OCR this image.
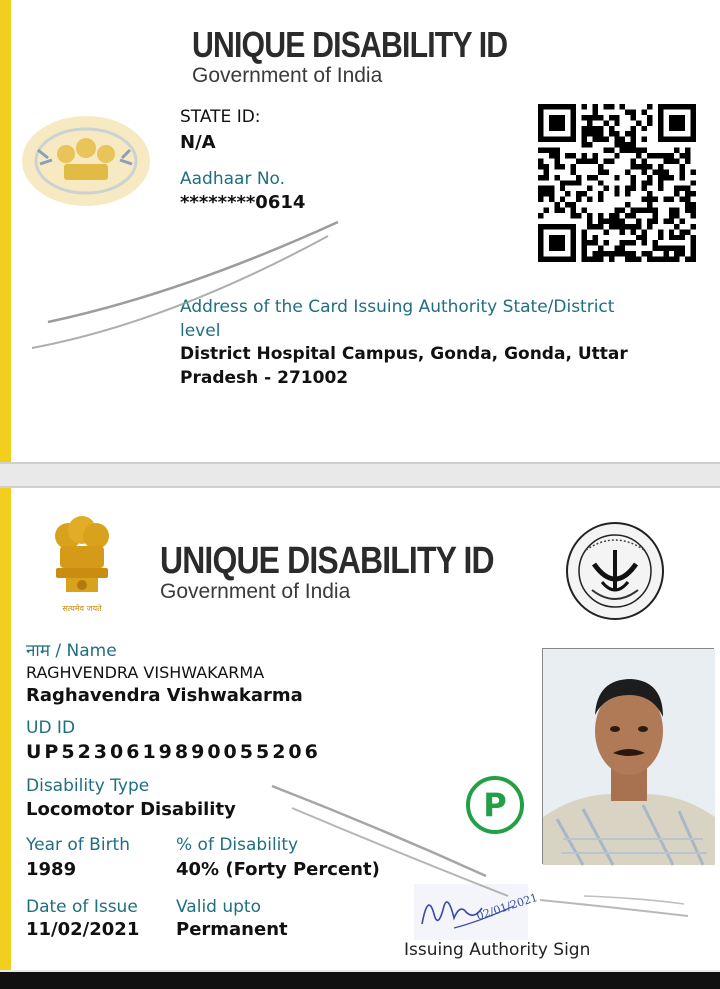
UNIQUE DISABILITY ID
Government of India
STATE ID:
N/A
Aadhaar No.
********0614
Address of the Card Issuing Authority State/District
level
District Hospital Campus, Gonda, Gonda, Uttar
Pradesh - 271002
सत्यमेव जयते
UNIQUE DISABILITY ID
Government of India
नाम / Name
RAGHVENDRA VISHWAKARMA
Raghavendra Vishwakarma
UD ID
UP5230619890055206
Disability Type
Locomotor Disability
Year of Birth
1989
% of Disability
40% (Forty Percent)
Date of Issue
11/02/2021
Valid upto
Permanent
P
02/01/2021
Issuing Authority Sign
